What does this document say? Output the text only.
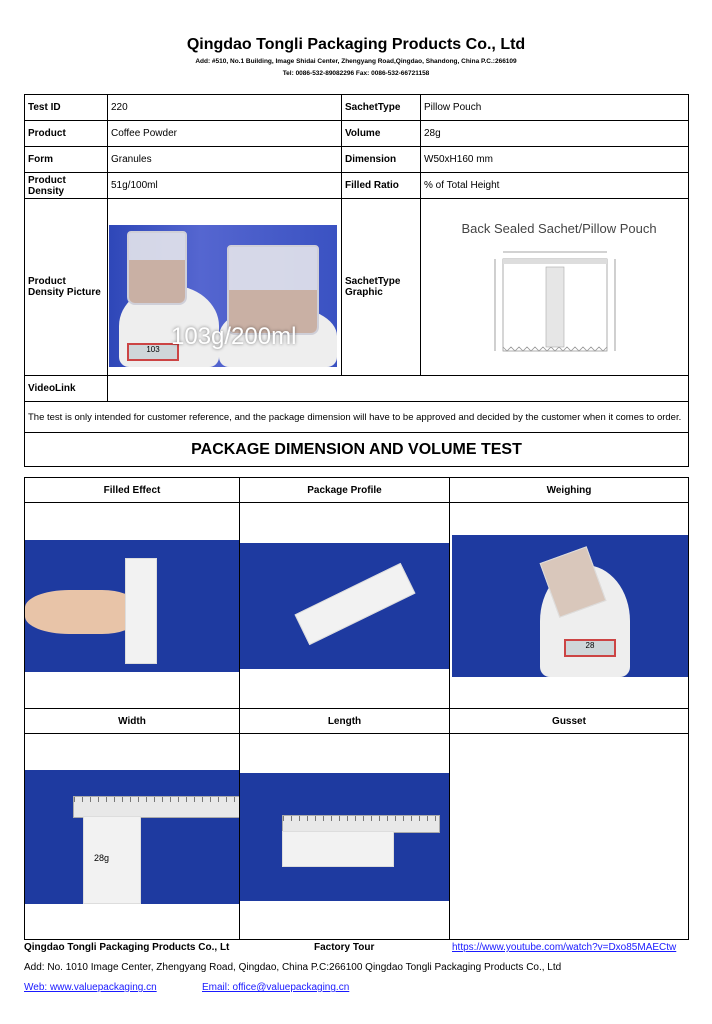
Qingdao Tongli Packaging Products Co., Ltd
Add: #510, No.1 Building, Image Shidai Center, Zhengyang Road,Qingdao, Shandong, China P.C.:266109
Tel: 0086-532-89082296 Fax: 0086-532-66721158
Test ID	220	SachetType	Pillow Pouch
Product	Coffee Powder	Volume	28g
Form	Granules	Dimension	W50xH160 mm
Product Density	51g/100ml	Filled Ratio	% of Total Height
Product Density Picture	103 103g/200ml	SachetType Graphic	Back Sealed Sachet/Pillow Pouch

VideoLink			
The test is only intended for customer reference, and the package dimension will have to be approved and decided by the customer when it comes to order.			
PACKAGE DIMENSION AND VOLUME TEST			
Filled Effect	Package Profile	Weighing

		28

Width	Length	Gusset

28g		

Qingdao Tongli Packaging Products Co., Lt	Factory Tour	https://www.youtube.com/watch?v=Dxo85MAECtw
Add: No. 1010 Image Center, Zhengyang Road, Qingdao, China P.C:266100 Qingdao Tongli Packaging Products Co., Ltd
Web: www.valuepackaging.cn	Email: office@valuepackaging.cn
